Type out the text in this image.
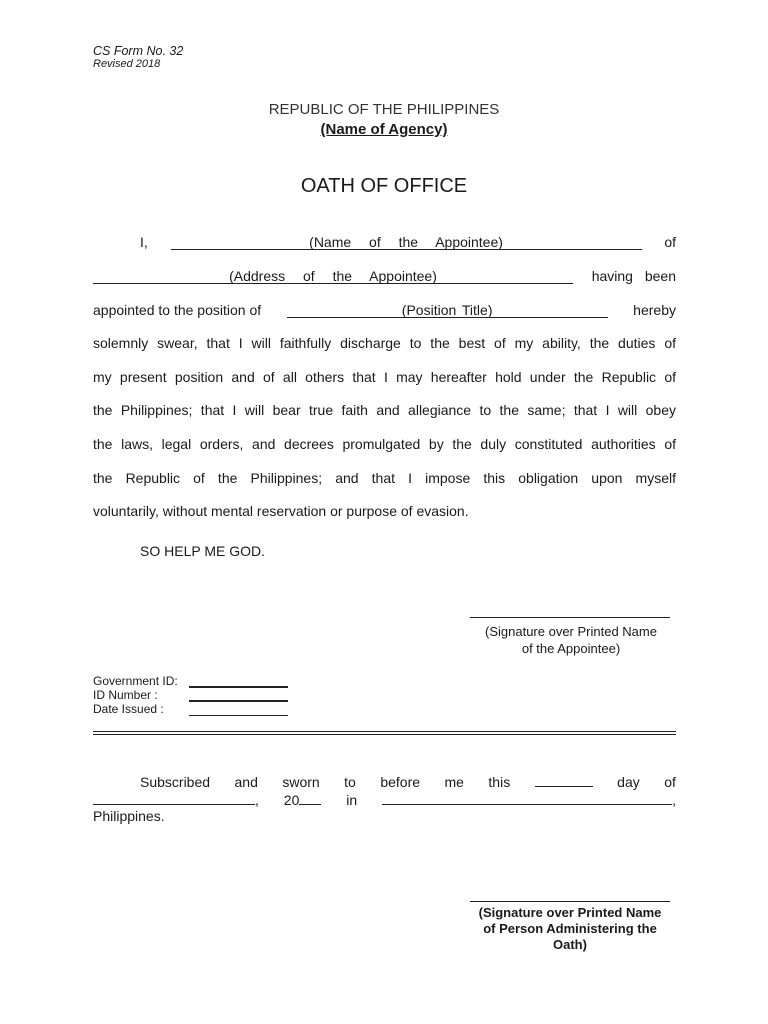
CS Form No. 32
Revised 2018
REPUBLIC OF THE PHILIPPINES
(Name of Agency)
OATH OF OFFICE
I,	(Name of the Appointee)	of
(Address of the Appointee)	having been
appointed to the position of	(Position Title)	hereby
solemnly swear, that I will faithfully discharge to the best of my ability, the duties of
my present position and of all others that I may hereafter hold under the Republic of
the Philippines; that I will bear true faith and allegiance to the same; that I will obey
the laws, legal orders, and decrees promulgated by the duly constituted authorities of
the Republic of the Philippines; and that I impose this obligation upon myself
voluntarily, without mental reservation or purpose of evasion.
SO HELP ME GOD.
(Signature over Printed Name
of the Appointee)
Government ID:
ID Number :
Date Issued :
Subscribed and sworn to before me this	day of
, 20	in	,
Philippines.
(Signature over Printed Name
of Person Administering the
Oath)
